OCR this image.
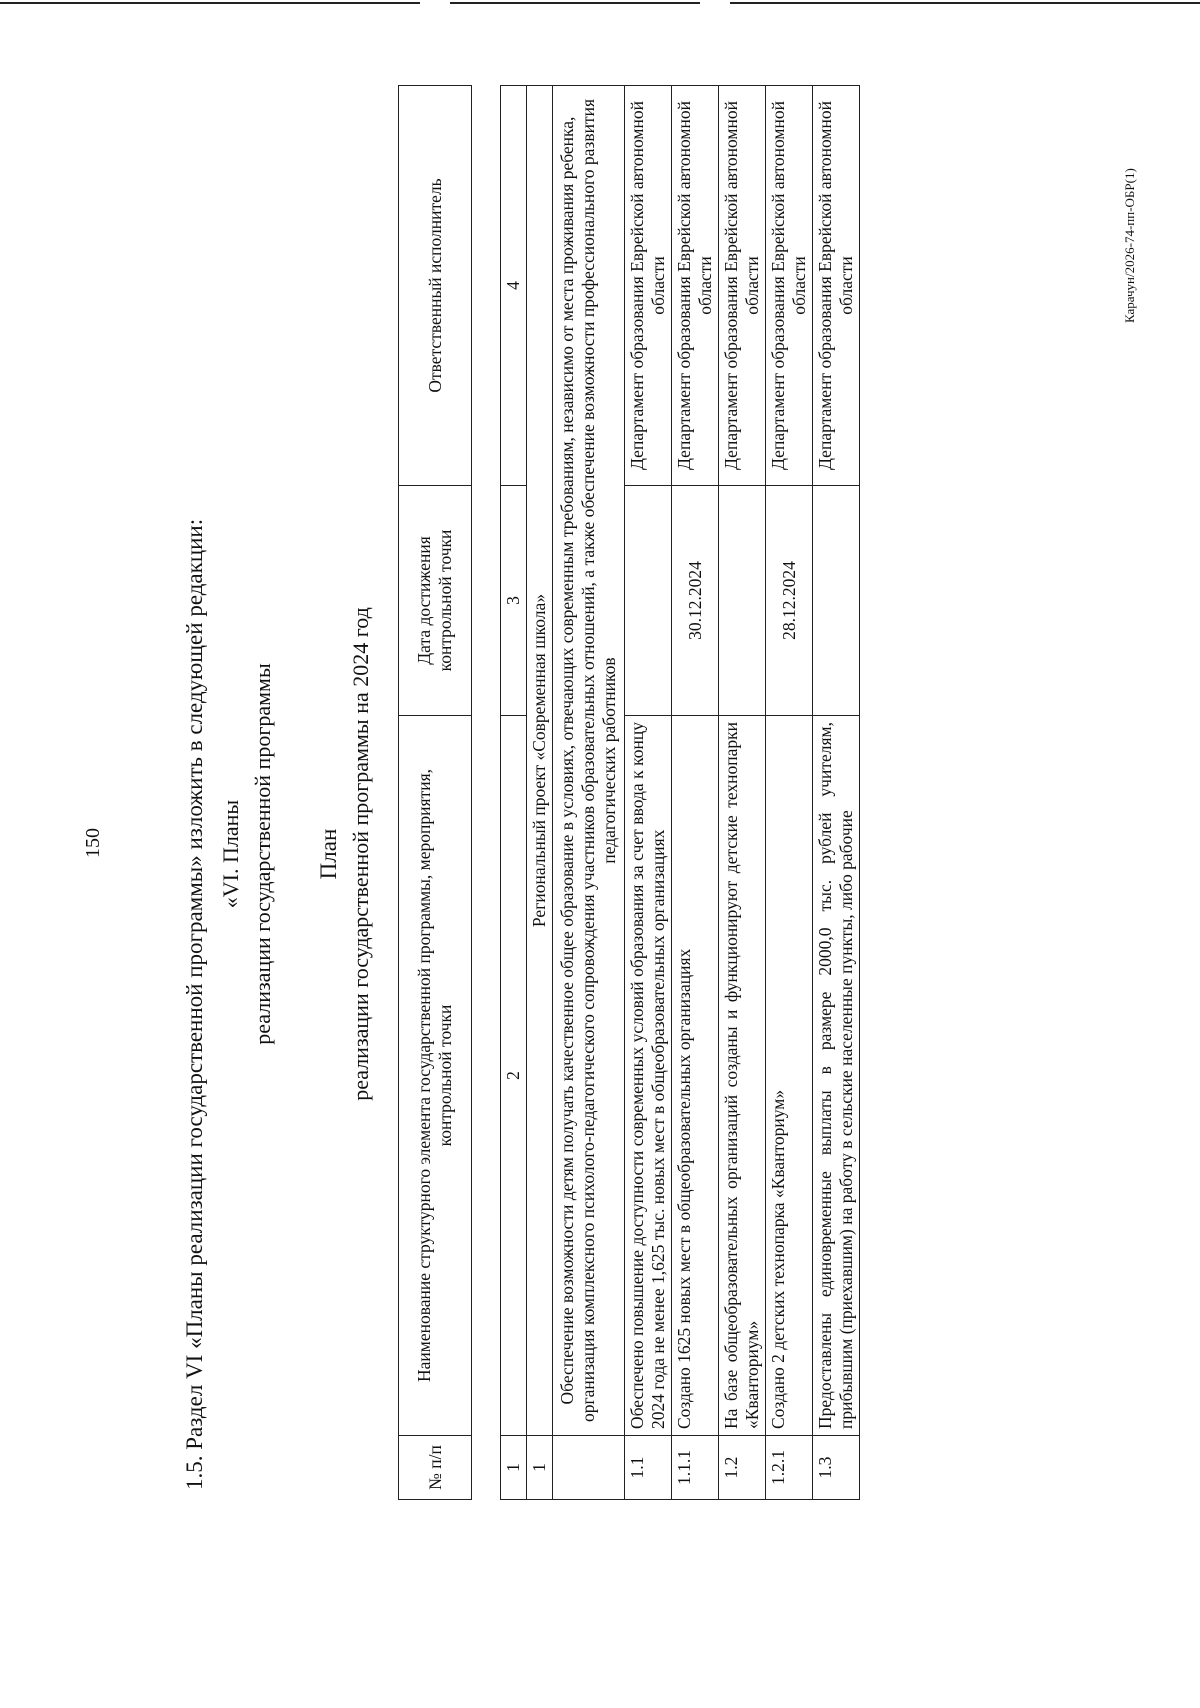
150	1.5. Раздел VI «Планы реализации государственной программы» изложить в следующей редакции: «VI. Планы реализации государственной программы План реализации государственной программы на 2024 год
№ п/п	Наименование структурного элемента государственной программы, мероприятия, контрольной точки	Дата достижения контрольной точки	Ответственный исполнитель
1	2	3	4
1	Региональный проект «Современная школа»		
	Обеспечение возможности детям получать качественное общее образование в условиях, отвечающих современным требованиям, независимо от места проживания ребенка, организация комплексного психолого-педагогического сопровождения участников образовательных отношений, а также обеспечение возможности профессионального развития педагогических работников		
1.1	Обеспечено повышение доступности современных условий образования за счет ввода к концу 2024 года не менее 1,625 тыс. новых мест в общеобразовательных организациях		Департамент образования Еврейской автономной области
1.1.1	Создано 1625 новых мест в общеобразовательных организациях	30.12.2024	Департамент образования Еврейской автономной области
1.2	На базе общеобразовательных организаций созданы и функционируют детские технопарки «Кванториум»		Департамент образования Еврейской автономной области
1.2.1	Создано 2 детских технопарка «Кванториум»	28.12.2024	Департамент образования Еврейской автономной области
1.3	Предоставлены единовременные выплаты в размере 2000,0 тыс. рублей учителям, прибывшим (приехавшим) на работу в сельские населенные пункты, либо рабочие		Департамент образования Еврейской автономной области	Карачун/2026-74-пп-ОБР(1)
